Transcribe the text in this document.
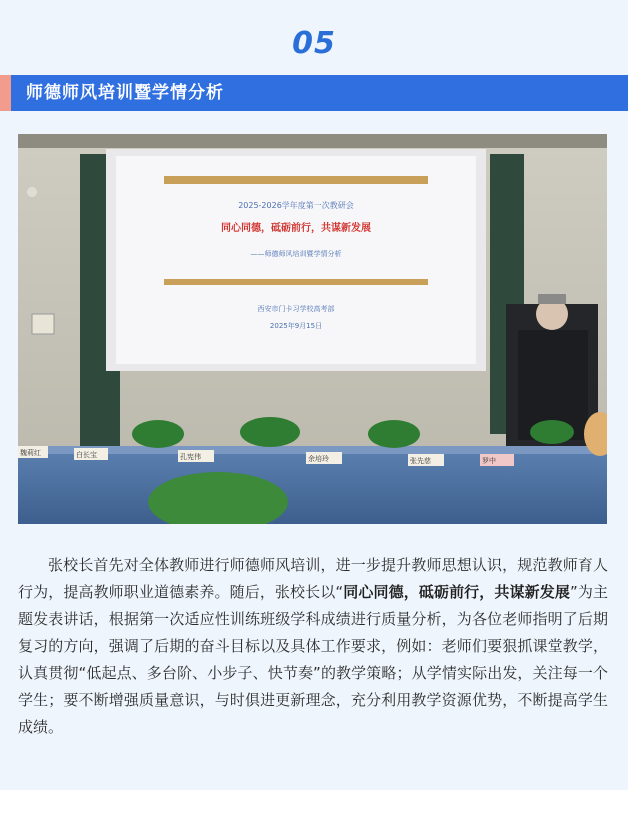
05
师德师风培训暨学情分析
2025-2026学年度第一次教研会
同心同德，砥砺前行，共谋新发展
——师德师风培训暨学情分析
西安市门卡习学校高考部
2025年9月15日
魏莉红	白长宝	孔宪伟	余培玲	张先慈	罗中

张校长首先对全体教师进行师德师风培训，进一步提升教师思想认识，规范教师育人行为，提高教师职业道德素养。随后，张校长以“同心同德，砥砺前行，共谋新发展”为主题发表讲话，根据第一次适应性训练班级学科成绩进行质量分析，为各位老师指明了后期复习的方向，强调了后期的奋斗目标以及具体工作要求，例如：老师们要狠抓课堂教学，认真贯彻“低起点、多台阶、小步子、快节奏”的教学策略；从学情实际出发，关注每一个学生；要不断增强质量意识，与时俱进更新理念，充分利用教学资源优势，不断提高学生成绩。
